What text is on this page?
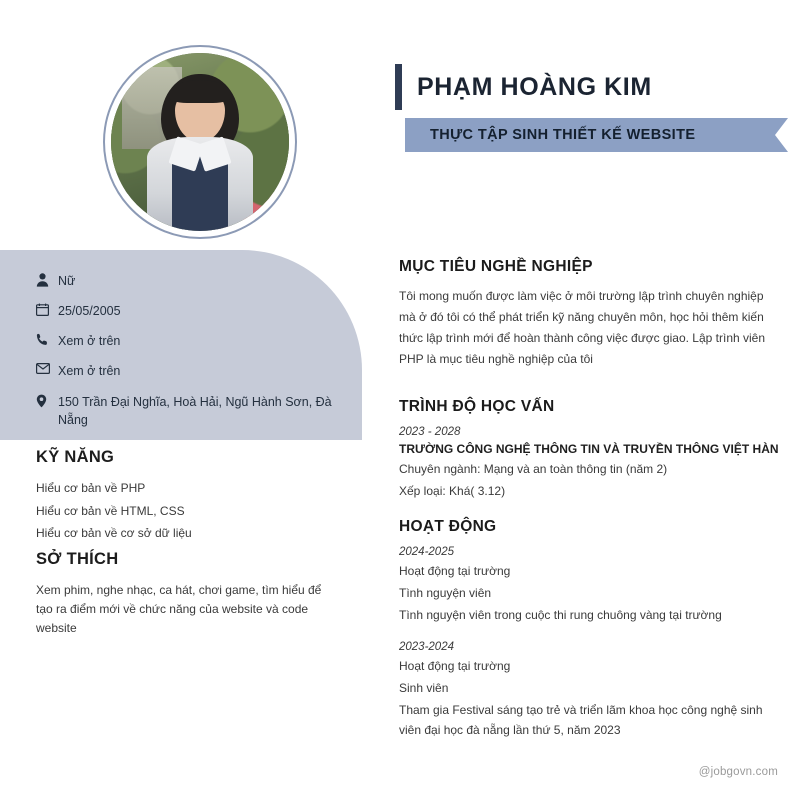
Nữ
25/05/2005
Xem ở trên
Xem ở trên
150 Trần Đại Nghĩa, Hoà Hải, Ngũ Hành Sơn, Đà Nẵng
KỸ NĂNG
Hiểu cơ bản về PHP
Hiểu cơ bản về HTML, CSS
Hiểu cơ bản về cơ sở dữ liệu
SỞ THÍCH
Xem phim, nghe nhạc, ca hát, chơi game, tìm hiểu để tạo ra điểm mới về chức năng của website và code website
PHẠM HOÀNG KIM
THỰC TẬP SINH THIẾT KẾ WEBSITE
MỤC TIÊU NGHỀ NGHIỆP

Tôi mong muốn được làm việc ở môi trường lập trình chuyên nghiệp mà ở đó tôi có thể phát triển kỹ năng chuyên môn, học hỏi thêm kiến thức lập trình mới để hoàn thành công việc được giao. Lập trình viên PHP là mục tiêu nghề nghiệp của tôi

TRÌNH ĐỘ HỌC VẤN

2023 - 2028

TRƯỜNG CÔNG NGHỆ THÔNG TIN VÀ TRUYỀN THÔNG VIỆT HÀN

Chuyên ngành: Mạng và an toàn thông tin (năm 2)

Xếp loại: Khá( 3.12)

HOẠT ĐỘNG

2024-2025

Hoạt động tại trường

Tình nguyện viên

Tình nguyện viên trong cuộc thi rung chuông vàng tại trường

2023-2024

Hoạt động tại trường

Sinh viên

Tham gia Festival sáng tạo trẻ và triển lãm khoa học công nghệ sinh viên đại học đà nẵng lần thứ 5, năm 2023

@jobgovn.com
